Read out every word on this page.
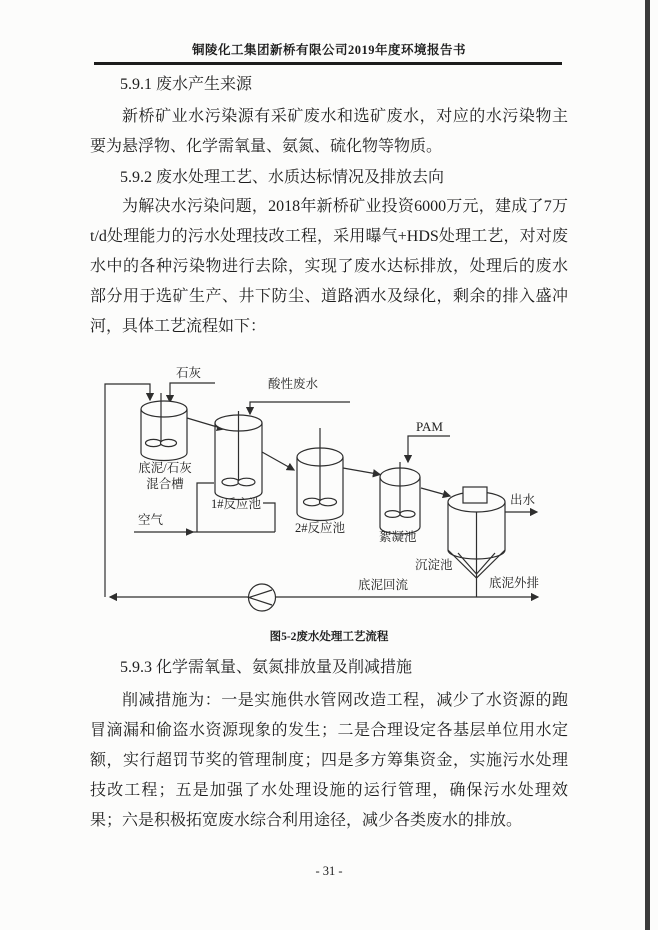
铜陵化工集团新桥有限公司2019年度环境报告书
5.9.1 废水产生来源
新桥矿业水污染源有采矿废水和选矿废水，对应的水污染物主要为悬浮物、化学需氧量、氨氮、硫化物等物质。
5.9.2 废水处理工艺、水质达标情况及排放去向
为解决水污染问题，2018年新桥矿业投资6000万元，建成了7万t/d处理能力的污水处理技改工程，采用曝气+HDS处理工艺，对对废水中的各种污染物进行去除，实现了废水达标排放，处理后的废水部分用于选矿生产、井下防尘、道路洒水及绿化，剩余的排入盛冲河，具体工艺流程如下：
石灰
酸性废水
PAM
空气
底泥/石灰
混合槽
1#反应池
2#反应池
絮凝池
沉淀池
出水
底泥回流	底泥外排
图5-2废水处理工艺流程
5.9.3 化学需氧量、氨氮排放量及削减措施
削减措施为：一是实施供水管网改造工程，减少了水资源的跑冒滴漏和偷盗水资源现象的发生；二是合理设定各基层单位用水定额，实行超罚节奖的管理制度；四是多方筹集资金，实施污水处理技改工程；五是加强了水处理设施的运行管理，确保污水处理效果；六是积极拓宽废水综合利用途径，减少各类废水的排放。
- 31 -
